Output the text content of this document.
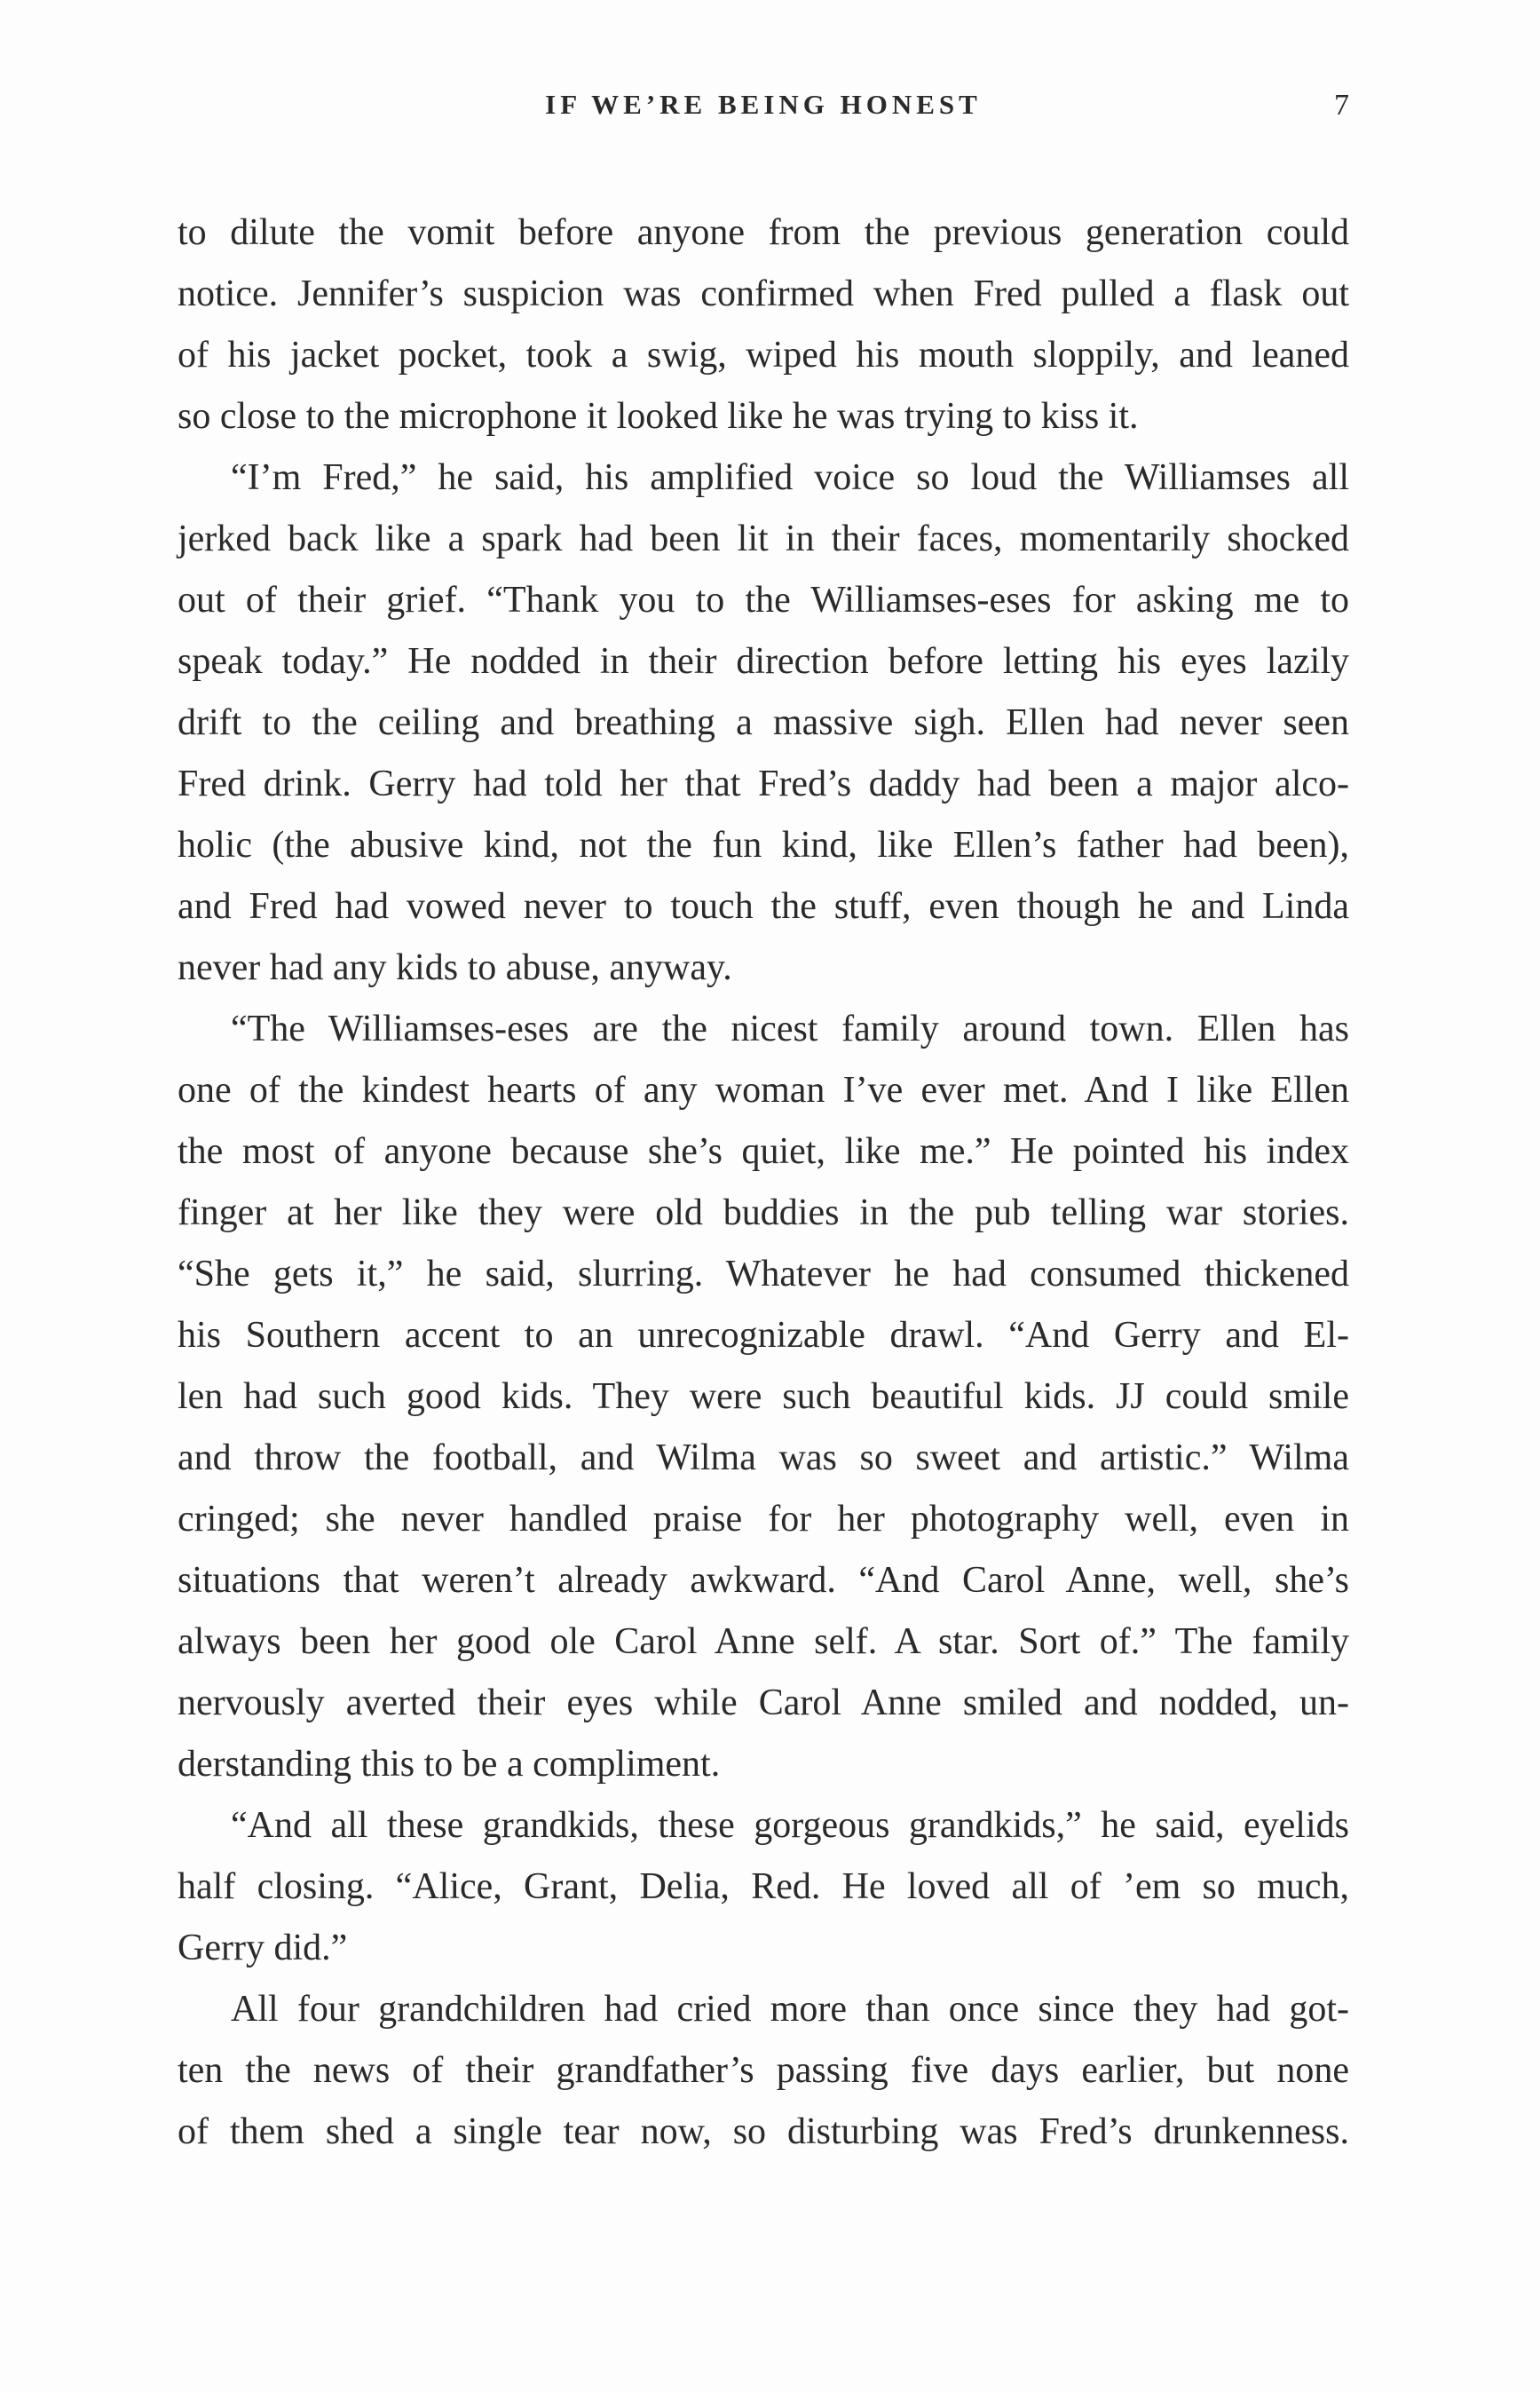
IF WE’RE BEING HONEST	7

to dilute the vomit before anyone from the previous generation could
notice. Jennifer’s suspicion was confirmed when Fred pulled a flask out
of his jacket pocket, took a swig, wiped his mouth sloppily, and leaned
so close to the microphone it looked like he was trying to kiss it.

“I’m Fred,” he said, his amplified voice so loud the Williamses all
jerked back like a spark had been lit in their faces, momentarily shocked
out of their grief. “Thank you to the Williamses-eses for asking me to
speak today.” He nodded in their direction before letting his eyes lazily
drift to the ceiling and breathing a massive sigh. Ellen had never seen
Fred drink. Gerry had told her that Fred’s daddy had been a major alco-
holic (the abusive kind, not the fun kind, like Ellen’s father had been),
and Fred had vowed never to touch the stuff, even though he and Linda
never had any kids to abuse, anyway.

“The Williamses-eses are the nicest family around town. Ellen has
one of the kindest hearts of any woman I’ve ever met. And I like Ellen
the most of anyone because she’s quiet, like me.” He pointed his index
finger at her like they were old buddies in the pub telling war stories.
“She gets it,” he said, slurring. Whatever he had consumed thickened
his Southern accent to an unrecognizable drawl. “And Gerry and El-
len had such good kids. They were such beautiful kids. JJ could smile
and throw the football, and Wilma was so sweet and artistic.” Wilma
cringed; she never handled praise for her photography well, even in
situations that weren’t already awkward. “And Carol Anne, well, she’s
always been her good ole Carol Anne self. A star. Sort of.” The family
nervously averted their eyes while Carol Anne smiled and nodded, un-
derstanding this to be a compliment.

“And all these grandkids, these gorgeous grandkids,” he said, eyelids
half closing. “Alice, Grant, Delia, Red. He loved all of ’em so much,
Gerry did.”

All four grandchildren had cried more than once since they had got-
ten the news of their grandfather’s passing five days earlier, but none
of them shed a single tear now, so disturbing was Fred’s drunkenness.
